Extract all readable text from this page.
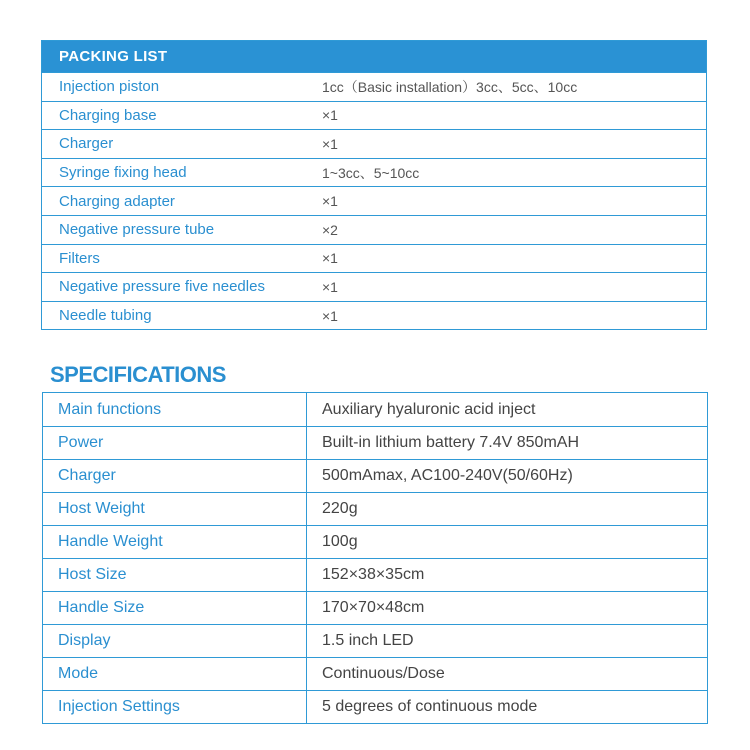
PACKING LIST
Injection piston	1cc（Basic installation）3cc、5cc、10cc
Charging base	×1
Charger	×1
Syringe fixing head	1~3cc、5~10cc
Charging adapter	×1
Negative pressure tube	×2
Filters	×1
Negative pressure five needles	×1
Needle tubing	×1
SPECIFICATIONS
Main functions	Auxiliary hyaluronic acid inject
Power	Built-in lithium battery 7.4V 850mAH
Charger	500mAmax, AC100-240V(50/60Hz)
Host Weight	220g
Handle Weight	100g
Host Size	152×38×35cm
Handle Size	170×70×48cm
Display	1.5 inch LED
Mode	Continuous/Dose
Injection Settings	5 degrees of continuous mode
